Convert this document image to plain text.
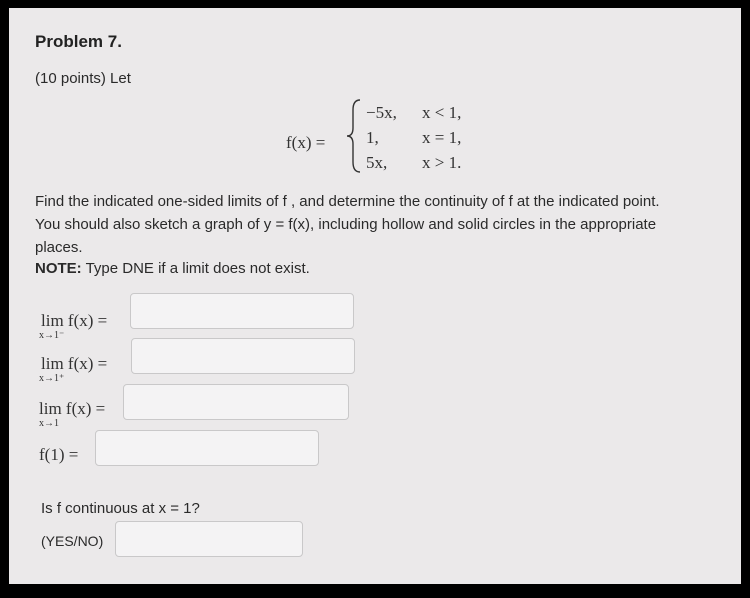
Problem 7.
(10 points) Let
f(x) =
−5x,
1,
5x,
x < 1,
x = 1,
x > 1.
Find the indicated one-sided limits of f , and determine the continuity of f at the indicated point.
You should also sketch a graph of y = f(x), including hollow and solid circles in the appropriate
places.
NOTE: Type DNE if a limit does not exist.
lim f(x) =
x→1⁻
lim f(x) =
x→1⁺
lim f(x) =
x→1
f(1) =
Is f continuous at x = 1?
(YES/NO)
